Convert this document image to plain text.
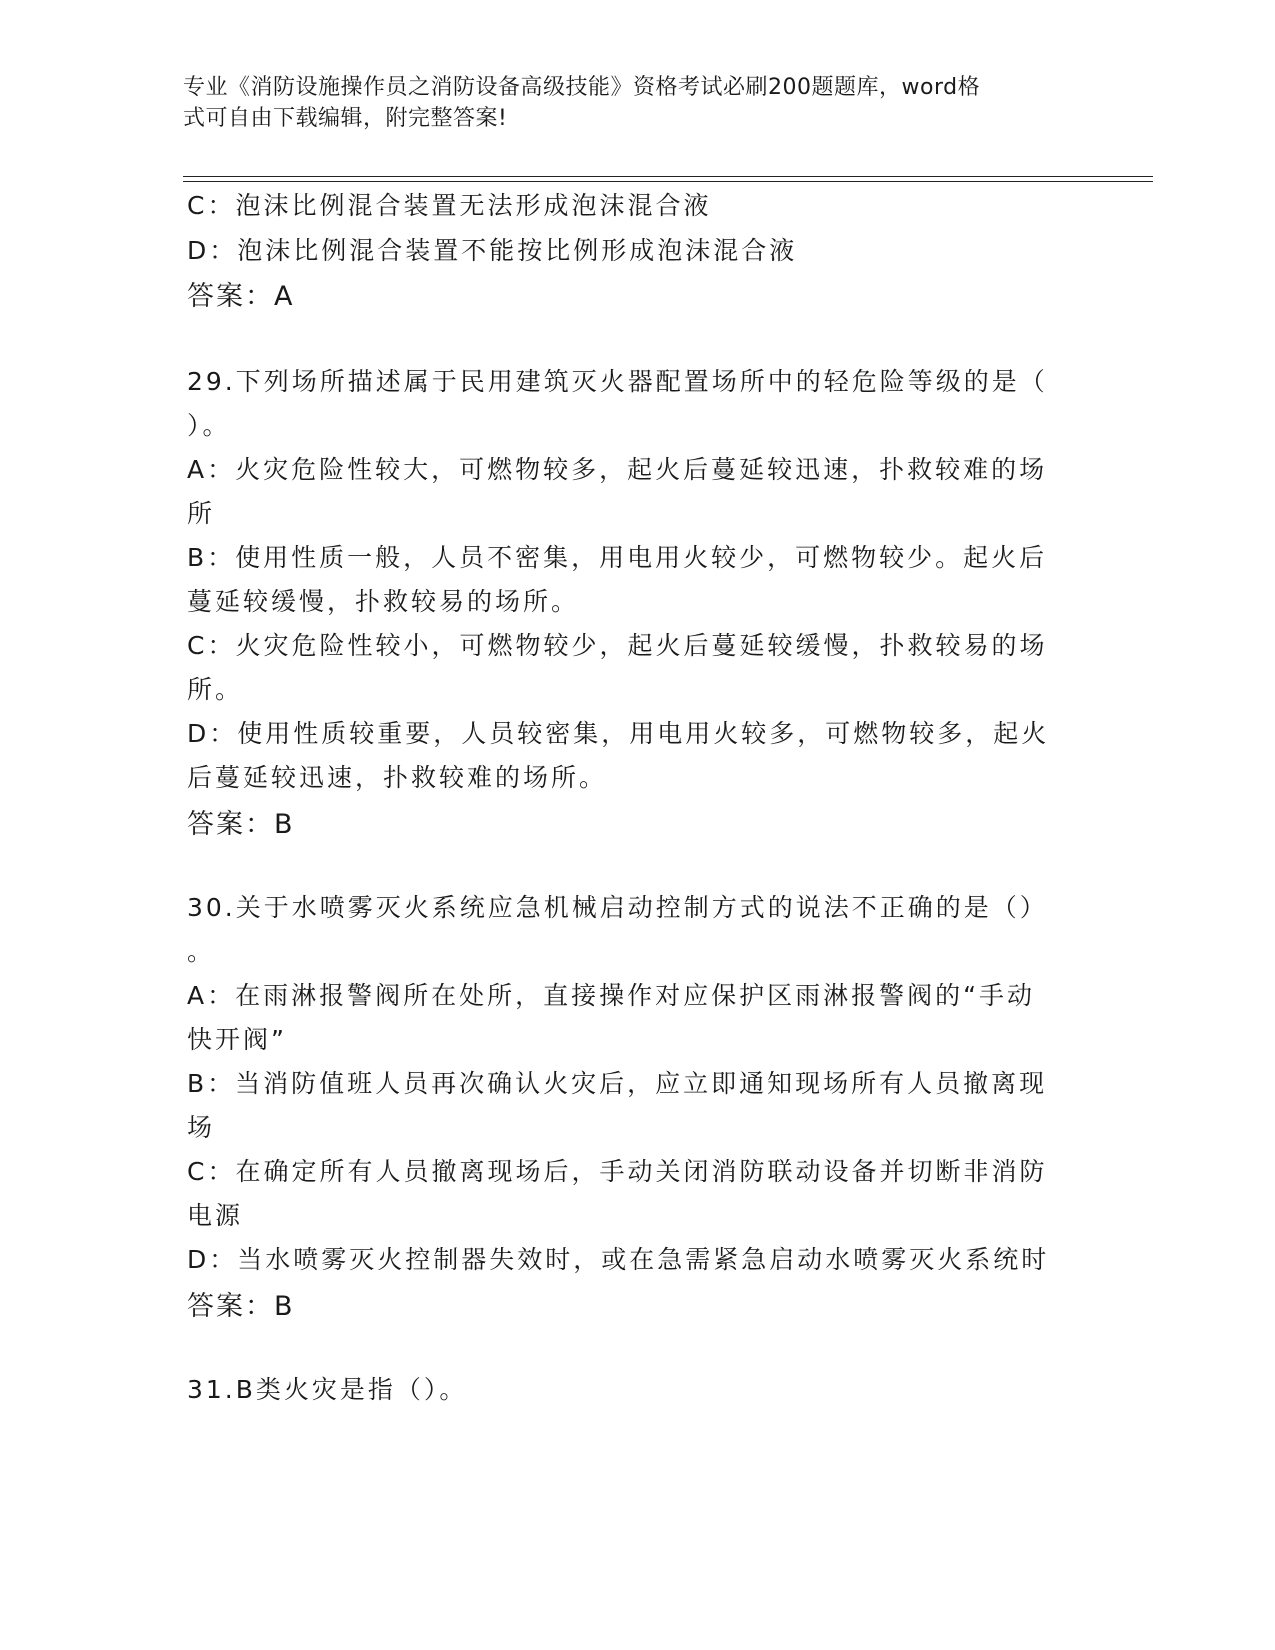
专业《消防设施操作员之消防设备高级技能》资格考试必刷200题题库，word格
式可自由下载编辑，附完整答案!
C：泡沫比例混合装置无法形成泡沫混合液
D：泡沫比例混合装置不能按比例形成泡沫混合液
答案：A
29.下列场所描述属于民用建筑灭火器配置场所中的轻危险等级的是（
）。
A：火灾危险性较大，可燃物较多，起火后蔓延较迅速，扑救较难的场
所
B：使用性质一般，人员不密集，用电用火较少，可燃物较少。起火后
蔓延较缓慢，扑救较易的场所。
C：火灾危险性较小，可燃物较少，起火后蔓延较缓慢，扑救较易的场
所。
D：使用性质较重要，人员较密集，用电用火较多，可燃物较多，起火
后蔓延较迅速，扑救较难的场所。
答案：B
30.关于水喷雾灭火系统应急机械启动控制方式的说法不正确的是（）
。
A：在雨淋报警阀所在处所，直接操作对应保护区雨淋报警阀的“手动
快开阀”
B：当消防值班人员再次确认火灾后，应立即通知现场所有人员撤离现
场
C：在确定所有人员撤离现场后，手动关闭消防联动设备并切断非消防
电源
D：当水喷雾灭火控制器失效时，或在急需紧急启动水喷雾灭火系统时
答案：B
31.B类火灾是指（）。
